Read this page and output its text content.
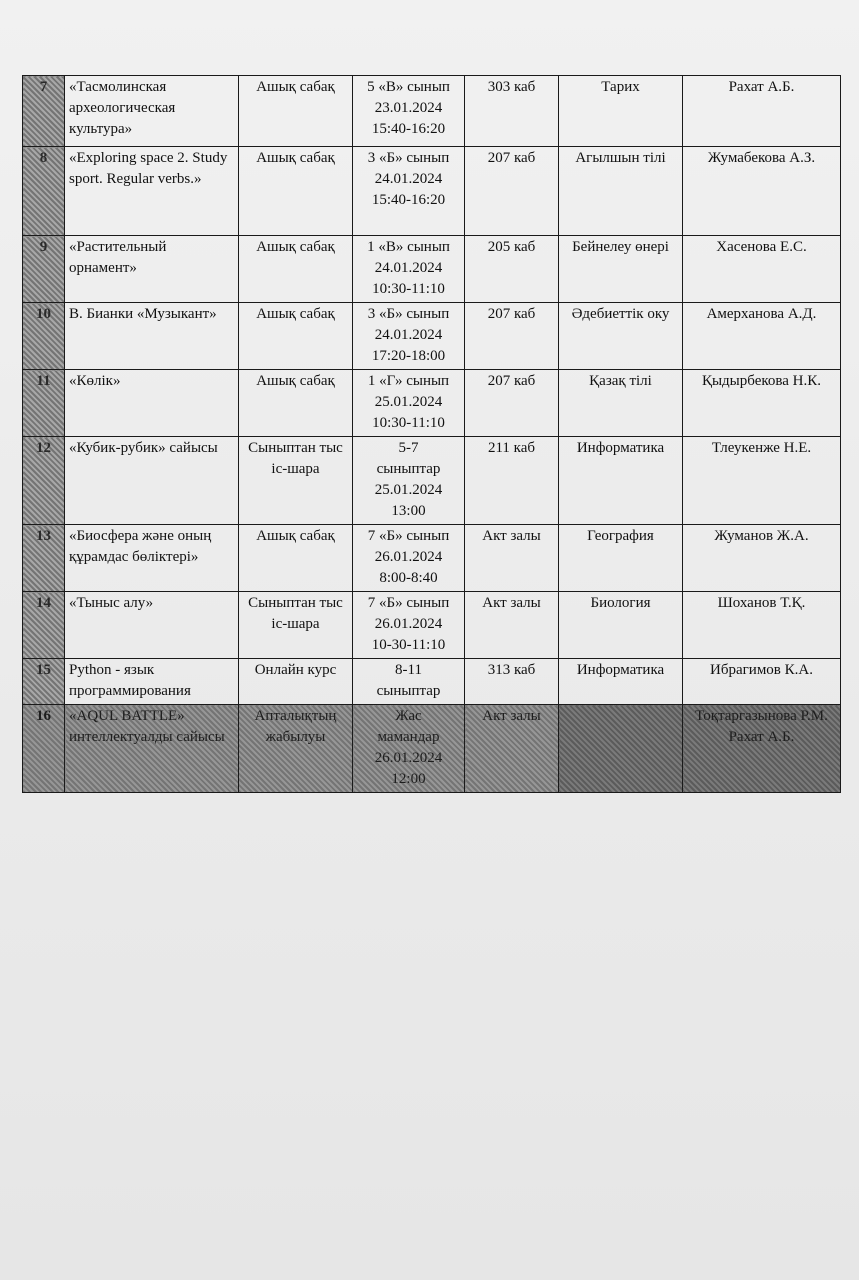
7	«Тасмолинская археологическая культура»	Ашық сабақ	5 «В» сынып
23.01.2024
15:40-16:20	303 каб	Тарих	Рахат А.Б.
8	«Exploring space 2. Study sport. Regular verbs.»	Ашық сабақ	3 «Б» сынып
24.01.2024
15:40-16:20	207 каб	Агылшын тілі	Жумабекова А.З.
9	«Растительный орнамент»	Ашық сабақ	1 «В» сынып
24.01.2024
10:30-11:10	205 каб	Бейнелеу өнері	Хасенова Е.С.
10	В. Бианки «Музыкант»	Ашық сабақ	3 «Б» сынып
24.01.2024
17:20-18:00	207 каб	Әдебиеттік оку	Амерханова А.Д.
11	«Көлік»	Ашық сабақ	1 «Г» сынып
25.01.2024
10:30-11:10	207 каб	Қазақ тілі	Қыдырбекова Н.К.
12	«Кубик-рубик» сайысы	Сыныптан тыс іс-шара	5-7 сыныптар
25.01.2024
13:00	211 каб	Информатика	Тлеукенже Н.Е.
13	«Биосфера және оның құрамдас бөліктері»	Ашық сабақ	7 «Б» сынып
26.01.2024
8:00-8:40	Акт залы	География	Жуманов Ж.А.
14	«Тыныс алу»	Сыныптан тыс іс-шара	7 «Б» сынып
26.01.2024
10-30-11:10	Акт залы	Биология	Шоханов Т.Қ.
15	Python - язык программирования	Онлайн курс	8-11 сыныптар	313 каб	Информатика	Ибрагимов К.А.
16	«AQUL BATTLE» интеллектуалды сайысы	Апталықтың жабылуы	Жас мамандар
26.01.2024
12:00	Акт залы		Тоқтаргазынова Р.М.
Рахат А.Б.
